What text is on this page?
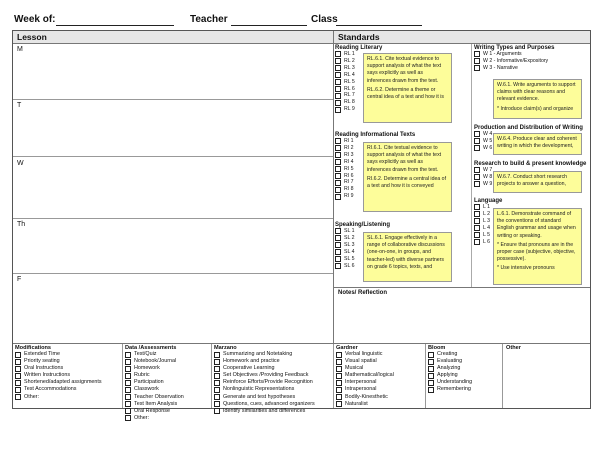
Week of:	Teacher	Class
Lesson	Standards
M
T
W
Th
F
Reading Literary
RL 1
RL 2
RL 3
RL 4
RL 5
RL 6
RL 7
RL 8
RL 9

RL.6.1. Cite textual evidence to support analysis of what the text says explicitly as well as inferences drawn from the text.

RL.6.2. Determine a theme or central idea of a text and how it is

Reading Informational Texts
RI 1
RI 2
RI 3
RI 4
RI 5
RI 6
RI 7
RI 8
RI 9

RI.6.1. Cite textual evidence to support analysis of what the text says explicitly as well as inferences drawn from the text.

RI.6.2. Determine a central idea of a text and how it is conveyed

Speaking/Listening
SL 1
SL 2
SL 3
SL 4
SL 5
SL 6

SL.6.1. Engage effectively in a range of collaborative discussions (one-on-one, in groups, and teacher-led) with diverse partners on grade 6 topics, texts, and

Writing Types and Purposes
W 1 - Arguments
W 2 - Informative/Expository
W 3 - Narrative

W.6.1. Write arguments to support claims with clear reasons and relevant evidence.

* Introduce claim(s) and organize

Production and Distribution of Writing
W 4
W 5
W 6

W.6.4. Produce clear and coherent writing in which the development,

Research to build & present knowledge
W 7
W 8
W 9

W.6.7. Conduct short research projects to answer a question,

Language
L 1
L 2
L 3
L 4
L 5
L 6

L.6.1. Demonstrate command of the conventions of standard English grammar and usage when writing or speaking.

* Ensure that pronouns are in the proper case (subjective, objective, possessive).

* Use intensive pronouns

Notes/ Reflection
Modifications
Extended Time
Priority seating
Oral Instructions
Written Instructions
Shortened/adapted assignments
Test Accommodations
Other:
Data /Assessments
Test/Quiz
Notebook/Journal
Homework
Rubric
Participation
Classwork
Teacher Observation
Test Item Analysis
Oral Response
Other:
Marzano
Summarizing and Notetaking
Homework and practice
Cooperative Learning
Set Objectives /Providing Feedback
Reinforce Efforts/Provide Recognition
Nonlinguistic Representations
Generate and test hypotheses
Questions, cues, advanced organizers
Identify similarities and differences
Gardner
Verbal linguistic
Visual spatial
Musical
Mathematical/logical
Interpersonal
Intrapersonal
Bodily-Kinesthetic
Naturalist
Bloom
Creating
Evaluating
Analyzing
Applying
Understanding
Remembering
Other
